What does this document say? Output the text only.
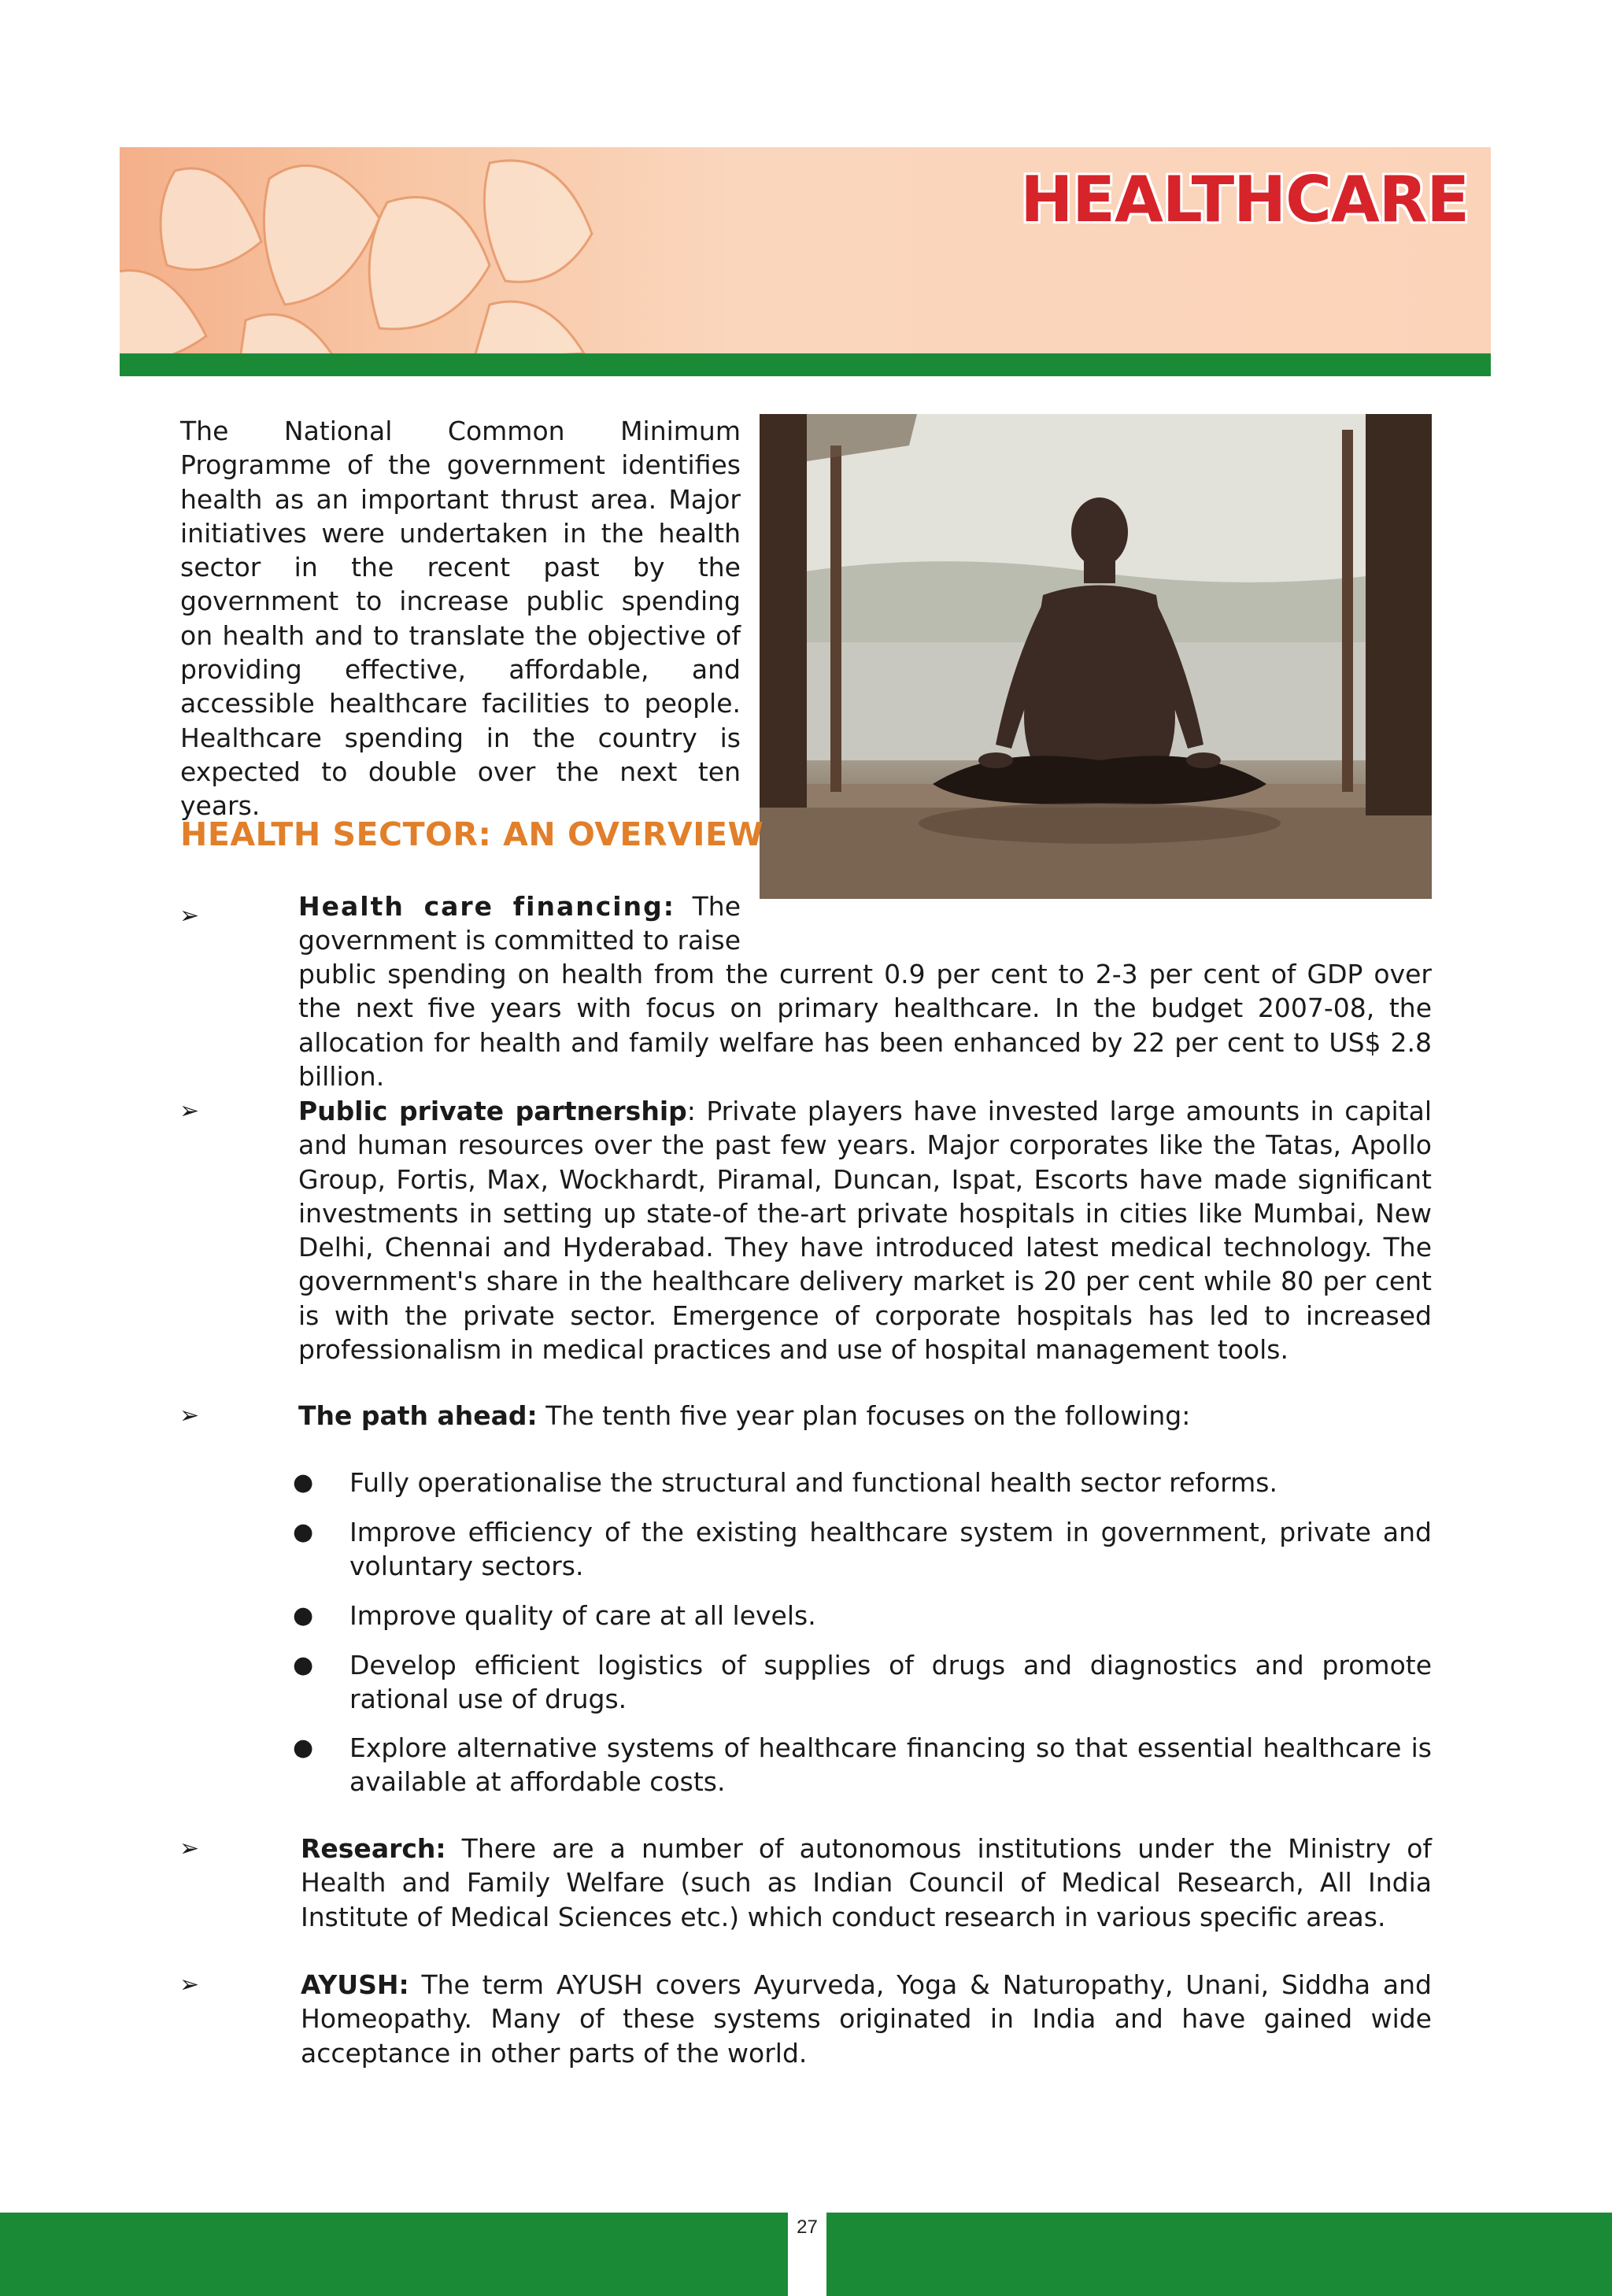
HEALTHCARE

The National Common Minimum Programme of the government identifies health as an important thrust area. Major initiatives were undertaken in the health sector in the recent past by the government to increase public spending on health and to translate the objective of providing effective, affordable, and accessible healthcare facilities to people. Healthcare spending in the country is expected to double over the next ten years.

HEALTH SECTOR: AN OVERVIEW
➢	Health care financing: The government is committed to raise

public spending on health from the current 0.9 per cent to 2-3 per cent of GDP over the next five years with focus on primary healthcare. In the budget 2007-08, the allocation for health and family welfare has been enhanced by 22 per cent to US$ 2.8 billion.

➢	Public private partnership: Private players have invested large amounts in capital and human resources over the past few years. Major corporates like the Tatas, Apollo Group, Fortis, Max, Wockhardt, Piramal, Duncan, Ispat, Escorts have made significant investments in setting up state-of the-art private hospitals in cities like Mumbai, New Delhi, Chennai and Hyderabad. They have introduced latest medical technology. The government's share in the healthcare delivery market is 20 per cent while 80 per cent is with the private sector. Emergence of corporate hospitals has led to increased professionalism in medical practices and use of hospital management tools.

➢	The path ahead: The tenth five year plan focuses on the following:

● Fully operationalise the structural and functional health sector reforms.

● Improve efficiency of the existing healthcare system in government, private and voluntary sectors.

● Improve quality of care at all levels.

● Develop efficient logistics of supplies of drugs and diagnostics and promote rational use of drugs.

● Explore alternative systems of healthcare financing so that essential healthcare is available at affordable costs.

➢	Research: There are a number of autonomous institutions under the Ministry of Health and Family Welfare (such as Indian Council of Medical Research, All India Institute of Medical Sciences etc.) which conduct research in various specific areas.

➢	AYUSH: The term AYUSH covers Ayurveda, Yoga & Naturopathy, Unani, Siddha and Homeopathy. Many of these systems originated in India and have gained wide acceptance in other parts of the world.

27
